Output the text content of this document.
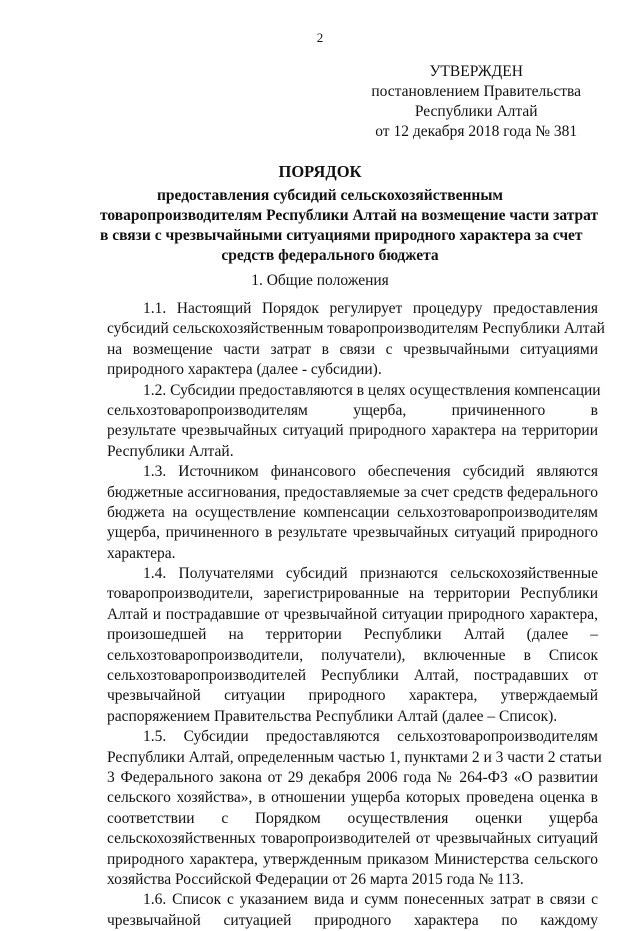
2
УТВЕРЖДЕН
постановлением Правительства
Республики Алтай
от 12 декабря 2018 года № 381
ПОРЯДОК
предоставления субсидий сельскохозяйственным
товаропроизводителям Республики Алтай на возмещение части затрат
в связи с чрезвычайными ситуациями природного характера за счет
средств федерального бюджета
1. Общие положения
1.1. Настоящий Порядок регулирует процедуру предоставления
субсидий сельскохозяйственным товаропроизводителям Республики Алтай
на возмещение части затрат в связи с чрезвычайными ситуациями
природного характера (далее - субсидии).
1.2. Субсидии предоставляются в целях осуществления компенсации
сельхозтоваропроизводителям ущерба, причиненного в
результате чрезвычайных ситуаций природного характера на территории
Республики Алтай.
1.3. Источником финансового обеспечения субсидий являются
бюджетные ассигнования, предоставляемые за счет средств федерального
бюджета на осуществление компенсации сельхозтоваропроизводителям
ущерба, причиненного в результате чрезвычайных ситуаций природного
характера.
1.4. Получателями субсидий признаются сельскохозяйственные
товаропроизводители, зарегистрированные на территории Республики
Алтай и пострадавшие от чрезвычайной ситуации природного характера,
произошедшей на территории Республики Алтай (далее –
сельхозтоваропроизводители, получатели), включенные в Список
сельхозтоваропроизводителей Республики Алтай, пострадавших от
чрезвычайной ситуации природного характера, утверждаемый
распоряжением Правительства Республики Алтай (далее – Список).
1.5. Субсидии предоставляются сельхозтоваропроизводителям
Республики Алтай, определенным частью 1, пунктами 2 и 3 части 2 статьи
3 Федерального закона от 29 декабря 2006 года № 264-ФЗ «О развитии
сельского хозяйства», в отношении ущерба которых проведена оценка в
соответствии с Порядком осуществления оценки ущерба
сельскохозяйственных товаропроизводителей от чрезвычайных ситуаций
природного характера, утвержденным приказом Министерства сельского
хозяйства Российской Федерации от 26 марта 2015 года № 113.
1.6. Список с указанием вида и сумм понесенных затрат в связи с
чрезвычайной ситуацией природного характера по каждому
